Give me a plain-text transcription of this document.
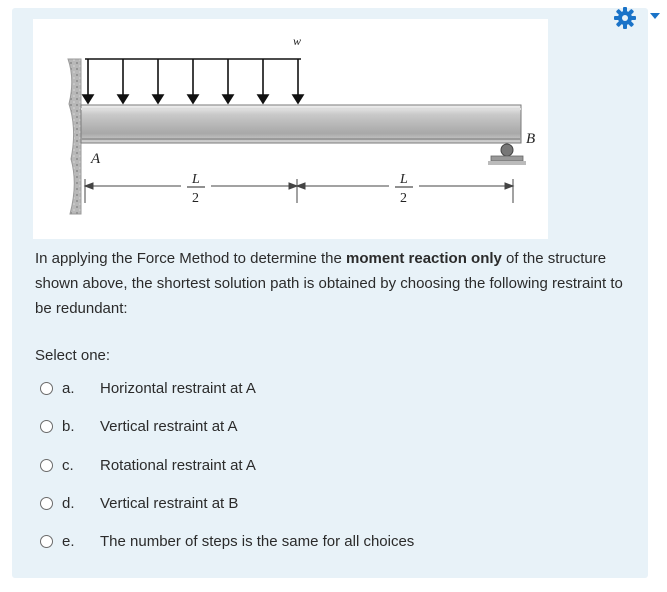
w
B
A
L
2
L
2
In applying the Force Method to determine the moment reaction only of the structure shown above, the shortest solution path is obtained by choosing the following restraint to be redundant:
Select one:
a.	Horizontal restraint at A
b.	Vertical restraint at A
c.	Rotational restraint at A
d.	Vertical restraint at B
e.	The number of steps is the same for all choices
